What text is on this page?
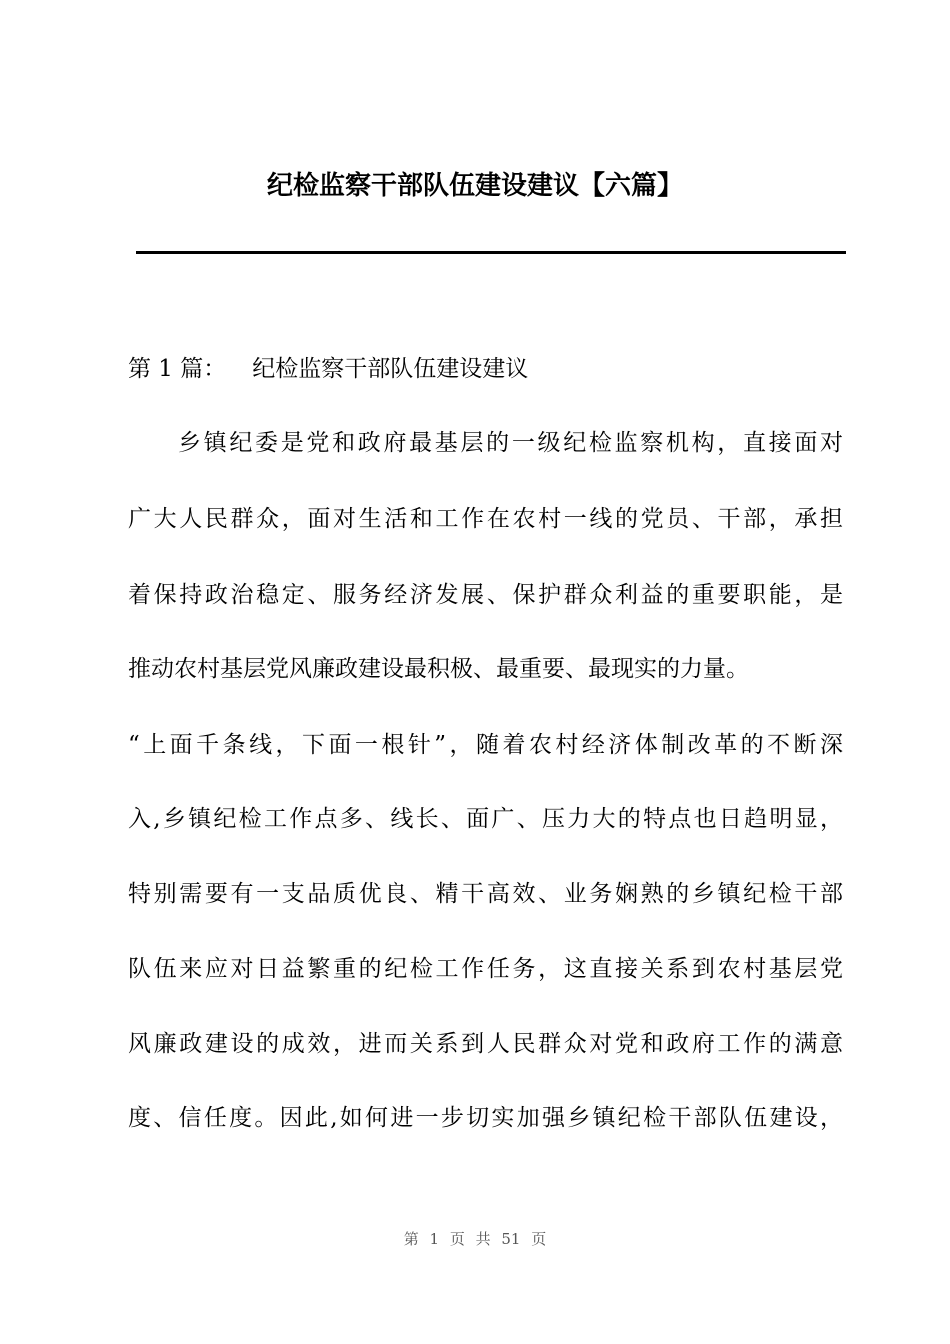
纪检监察干部队伍建设建议【六篇】
第 1 篇： 纪检监察干部队伍建设建议
乡镇纪委是党和政府最基层的一级纪检监察机构，直接面对
广大人民群众，面对生活和工作在农村一线的党员、干部，承担
着保持政治稳定、服务经济发展、保护群众利益的重要职能，是
推动农村基层党风廉政建设最积极、最重要、最现实的力量。
“上面千条线，下面一根针”，随着农村经济体制改革的不断深
入,乡镇纪检工作点多、线长、面广、压力大的特点也日趋明显，
特别需要有一支品质优良、精干高效、业务娴熟的乡镇纪检干部
队伍来应对日益繁重的纪检工作任务，这直接关系到农村基层党
风廉政建设的成效，进而关系到人民群众对党和政府工作的满意
度、信任度。因此,如何进一步切实加强乡镇纪检干部队伍建设，
第 1 页 共 51 页
